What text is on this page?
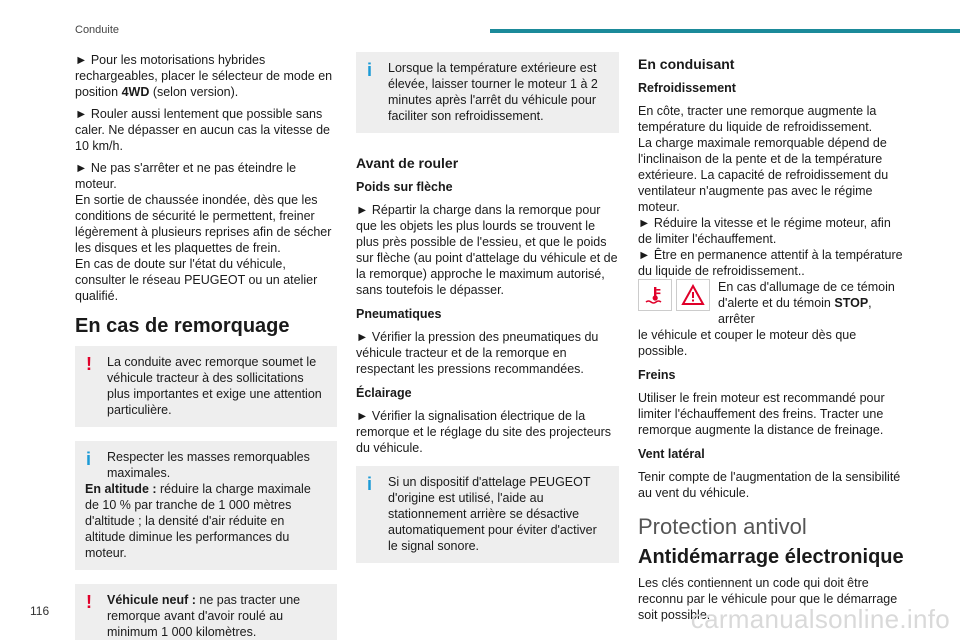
Conduite

► Pour les motorisations hybrides rechargeables, placer le sélecteur de mode en position 4WD (selon version).

► Rouler aussi lentement que possible sans caler. Ne dépasser en aucun cas la vitesse de 10 km/h.

► Ne pas s'arrêter et ne pas éteindre le moteur.

En sortie de chaussée inondée, dès que les conditions de sécurité le permettent, freiner légèrement à plusieurs reprises afin de sécher les disques et les plaquettes de frein.

En cas de doute sur l'état du véhicule, consulter le réseau PEUGEOT ou un atelier qualifié.

En cas de remorquage
!	La conduite avec remorque soumet le véhicule tracteur à des sollicitations plus importantes et exige une attention particulière.

i	Respecter les masses remorquables maximales.

En altitude : réduire la charge maximale de 10 % par tranche de 1 000 mètres d'altitude ; la densité d'air réduite en altitude diminue les performances du moteur.

!	Véhicule neuf : ne pas tracter une remorque avant d'avoir roulé au minimum 1 000 kilomètres.

i	Lorsque la température extérieure est élevée, laisser tourner le moteur 1 à 2 minutes après l'arrêt du véhicule pour faciliter son refroidissement.

Avant de rouler
Poids sur flèche

► Répartir la charge dans la remorque pour que les objets les plus lourds se trouvent le plus près possible de l'essieu, et que le poids sur flèche (au point d'attelage du véhicule et de la remorque) approche le maximum autorisé, sans toutefois le dépasser.

Pneumatiques

► Vérifier la pression des pneumatiques du véhicule tracteur et de la remorque en respectant les pressions recommandées.

Éclairage

► Vérifier la signalisation électrique de la remorque et le réglage du site des projecteurs du véhicule.

i	Si un dispositif d'attelage PEUGEOT d'origine est utilisé, l'aide au stationnement arrière se désactive automatiquement pour éviter d'activer le signal sonore.

En conduisant
Refroidissement

En côte, tracter une remorque augmente la température du liquide de refroidissement.

La charge maximale remorquable dépend de l'inclinaison de la pente et de la température extérieure. La capacité de refroidissement du ventilateur n'augmente pas avec le régime moteur.

► Réduire la vitesse et le régime moteur, afin de limiter l'échauffement.

► Être en permanence attentif à la température du liquide de refroidissement..

En cas d'allumage de ce témoin d'alerte et du témoin STOP, arrêter

le véhicule et couper le moteur dès que possible.

Freins

Utiliser le frein moteur est recommandé pour limiter l'échauffement des freins. Tracter une remorque augmente la distance de freinage.

Vent latéral

Tenir compte de l'augmentation de la sensibilité au vent du véhicule.

Protection antivol
Antidémarrage électronique

Les clés contiennent un code qui doit être reconnu par le véhicule pour que le démarrage soit possible.

116	carmanualsonline.info
